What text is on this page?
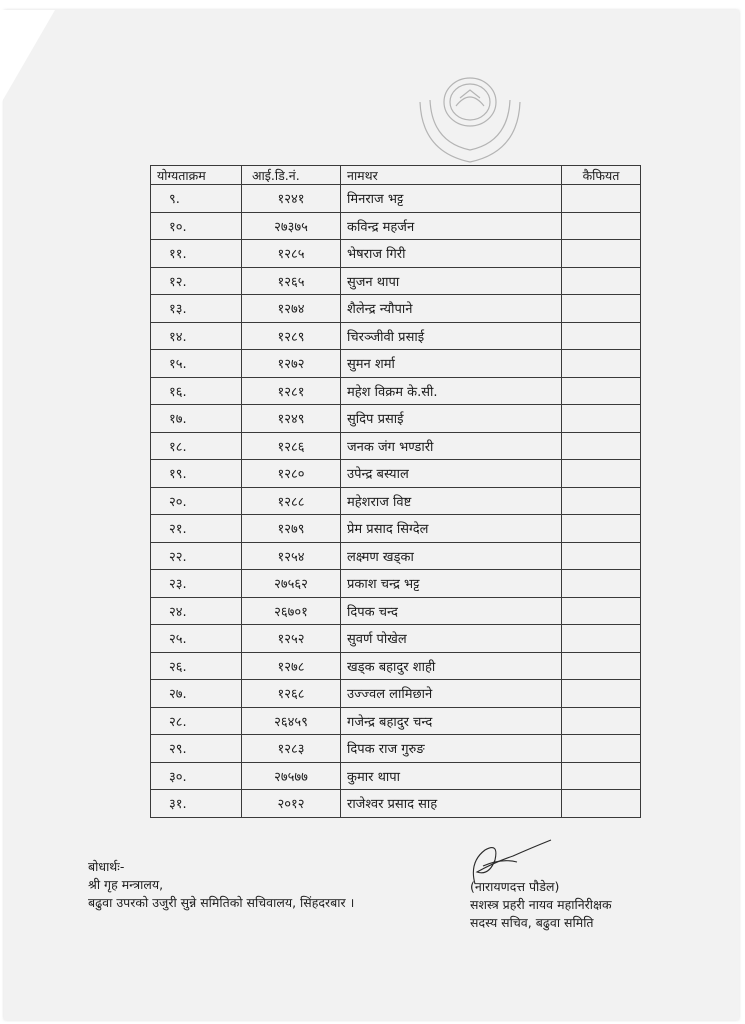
योग्यताक्रम	आई.डि.नं.	नामथर	कैफियत
९.	१२४१	मिनराज भट्ट	
१०.	२७३७५	कविन्द्र महर्जन	
११.	१२८५	भेषराज गिरी	
१२.	१२६५	सुजन थापा	
१३.	१२७४	शैलेन्द्र न्यौपाने	
१४.	१२८९	चिरञ्जीवी प्रसाई	
१५.	१२७२	सुमन शर्मा	
१६.	१२८१	महेश विक्रम के.सी.	
१७.	१२४९	सुदिप प्रसाई	
१८.	१२८६	जनक जंग भण्डारी	
१९.	१२८०	उपेन्द्र बस्याल	
२०.	१२८८	महेशराज विष्ट	
२१.	१२७९	प्रेम प्रसाद सिग्देल	
२२.	१२५४	लक्ष्मण खड्का	
२३.	२७५६२	प्रकाश चन्द्र भट्ट	
२४.	२६७०१	दिपक चन्द	
२५.	१२५२	सुवर्ण पोखेल	
२६.	१२७८	खड्क बहादुर शाही	
२७.	१२६८	उज्ज्वल लामिछाने	
२८.	२६४५९	गजेन्द्र बहादुर चन्द	
२९.	१२८३	दिपक राज गुरुङ	
३०.	२७५७७	कुमार थापा	
३१.	२०१२	राजेश्वर प्रसाद साह	
बोधार्थः-
श्री गृह मन्त्रालय,
बढुवा उपरको उजुरी सुन्ने समितिको सचिवालय, सिंहदरबार ।
(नारायणदत्त पौडेल)
सशस्त्र प्रहरी नायव महानिरीक्षक
सदस्य सचिव, बढुवा समिति
